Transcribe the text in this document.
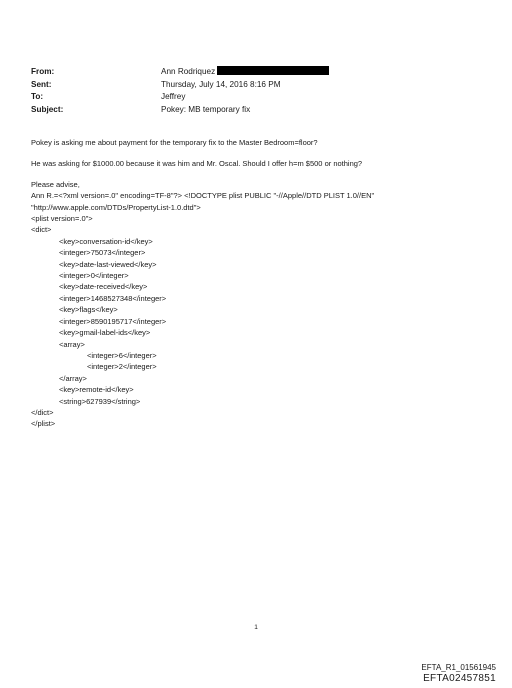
From:	Ann Rodriquez
Sent:	Thursday, July 14, 2016 8:16 PM
To:	Jeffrey
Subject:	Pokey: MB temporary fix
Pokey is asking me about payment for the temporary fix to the Master Bedroom=floor?
He was asking for $1000.00 because it was him and Mr. Oscal. Should I offer h=m $500 or nothing?
Please advise,
Ann R.=<?xml version=.0" encoding=TF-8"?> <!DOCTYPE plist PUBLIC "-//Apple//DTD PLIST 1.0//EN"
"http://www.apple.com/DTDs/PropertyList-1.0.dtd">
<plist version=.0">
<dict>
<key>conversation-id</key>
<integer>75073</integer>
<key>date-last-viewed</key>
<integer>0</integer>
<key>date-received</key>
<integer>1468527348</integer>
<key>flags</key>
<integer>8590195717</integer>
<key>gmail-label-ids</key>
<array>
<integer>6</integer>
<integer>2</integer>
</array>
<key>remote-id</key>
<string>627939</string>
</dict>
</plist>
1
EFTA_R1_01561945
EFTA02457851
